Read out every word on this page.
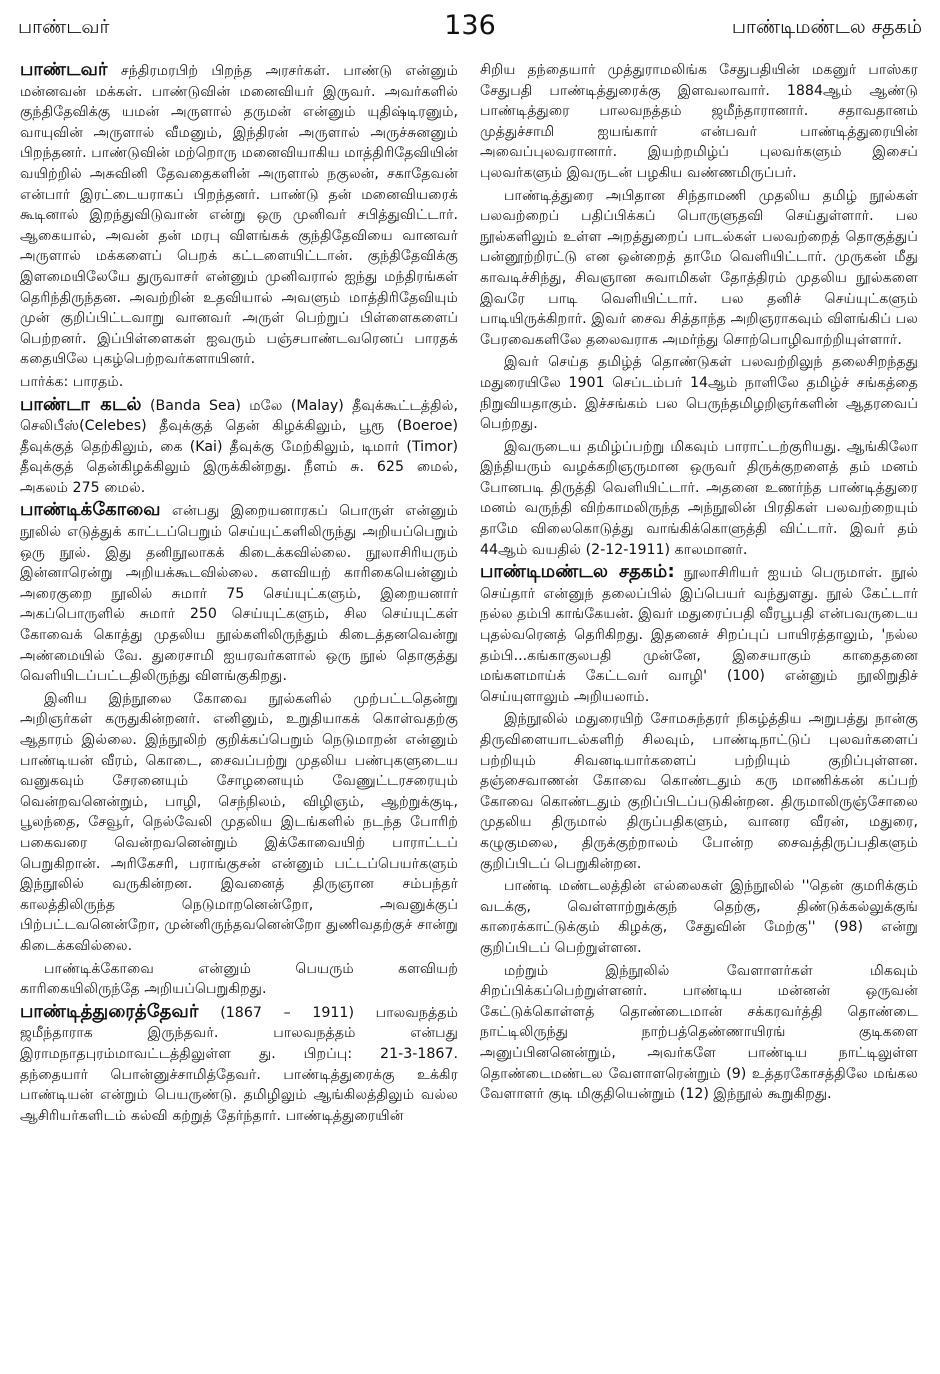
பாண்டவர்	136	பாண்டிமண்டல சதகம்

பாண்டவர் சந்திரமரபிற் பிறந்த அரசர்கள். பாண்டு என்னும் மன்னவன் மக்கள். பாண்டுவின் மனைவியர் இருவர். அவர்களில் குந்திதேவிக்கு யமன் அருளால் தருமன் என்னும் யுதிஷ்டிரனும், வாயுவின் அருளால் வீமனும், இந்திரன் அருளால் அருச்சுனனும் பிறந்தனர். பாண்டுவின் மற்றொரு மனைவியாகிய மாத்திரிதேவியின் வயிற்றில் அசுவினி தேவதைகளின் அருளால் நகுலன், சகாதேவன் என்பார் இரட்டையராகப் பிறந்தனர். பாண்டு தன் மனைவியரைக் கூடினால் இறந்துவிடுவான் என்று ஒரு முனிவர் சபித்துவிட்டார். ஆகையால், அவன் தன் மரபு விளங்கக் குந்திதேவியை வானவர் அருளால் மக்களைப் பெறக் கட்டளையிட்டான். குந்திதேவிக்கு இளமையிலேயே துருவாசர் என்னும் முனிவரால் ஐந்து மந்திரங்கள் தெரிந்திருந்தன. அவற்றின் உதவியால் அவளும் மாத்திரிதேவியும் முன் குறிப்பிட்டவாறு வானவர் அருள் பெற்றுப் பிள்ளைகளைப் பெற்றனர். இப்பிள்ளைகள் ஐவரும் பஞ்சபாண்டவரெனப் பாரதக் கதையிலே புகழ்பெற்றவர்களாயினர்.

பார்க்க: பாரதம்.

பாண்டா கடல் (Banda Sea) மலே (Malay) தீவுக்கூட்டத்தில், செலிபீஸ்(Celebes) தீவுக்குத் தென் கிழக்கிலும், பூரூ (Boeroe) தீவுக்குத் தெற்கிலும், கை (Kai) தீவுக்கு மேற்கிலும், டிமார் (Timor) தீவுக்குத் தென்கிழக்கிலும் இருக்கின்றது. நீளம் சு. 625 மைல், அகலம் 275 மைல்.

பாண்டிக்கோவை என்பது இறையனாரகப் பொருள் என்னும் நூலில் எடுத்துக் காட்டப்பெறும் செய்யுட்களிலிருந்து அறியப்பெறும் ஒரு நூல். இது தனிநூலாகக் கிடைக்கவில்லை. நூலாசிரியரும் இன்னாரென்று அறியக்கூடவில்லை. களவியற் காரிகையென்னும் அரைகுறை நூலில் சுமார் 75 செய்யுட்களும், இறையனார் அகப்பொருளில் சுமார் 250 செய்யுட்களும், சில செய்யுட்கள் கோவைக் கொத்து முதலிய நூல்களிலிருந்தும் கிடைத்தனவென்று அண்மையில் வே. துரைசாமி ஐயரவர்களால் ஒரு நூல் தொகுத்து வெளியிடப்பட்டதிலிருந்து விளங்குகிறது.

இனிய இந்நூலை கோவை நூல்களில் முற்பட்டதென்று அறிஞர்கள் கருதுகின்றனர். எனினும், உறுதியாகக் கொள்வதற்கு ஆதாரம் இல்லை. இந்நூலிற் குறிக்கப்பெறும் நெடுமாறன் என்னும் பாண்டியன் வீரம், கொடை, சைவப்பற்று முதலிய பண்புகளுடைய வனுகவும் சேரனையும் சோழனையும் வேணுட்டரசரையும் வென்றவனென்றும், பாழி, செந்நிலம், விழிஞம், ஆற்றுக்குடி, பூலந்தை, சேவூர், நெல்வேலி முதலிய இடங்களில் நடந்த போரிற் பகைவரை வென்றவனென்றும் இக்கோவையிற் பாராட்டப் பெறுகிறான். அரிகேசரி, பராங்குசன் என்னும் பட்டப்பெயர்களும் இந்நூலில் வருகின்றன. இவனைத் திருஞான சம்பந்தர் காலத்திலிருந்த நெடுமாறனென்றோ, அவனுக்குப் பிற்பட்டவனென்றோ, முன்னிருந்தவனென்றோ துணிவதற்குச் சான்று கிடைக்கவில்லை.

பாண்டிக்கோவை என்னும் பெயரும் களவியற் காரிகையிலிருந்தே அறியப்பெறுகிறது.

பாண்டித்துரைத்தேவர் (1867 – 1911) பாலவநத்தம் ஜமீந்தாராக இருந்தவர். பாலவநத்தம் என்பது இராமநாதபுரம்மாவட்டத்திலுள்ள து. பிறப்பு: 21-3-1867. தந்தையார் பொன்னுச்சாமித்தேவர். பாண்டித்துரைக்கு உக்கிர பாண்டியன் என்றும் பெயருண்டு. தமிழிலும் ஆங்கிலத்திலும் வல்ல ஆசிரியர்களிடம் கல்வி கற்றுத் தேர்ந்தார். பாண்டித்துரையின்

சிறிய தந்தையார் முத்துராமலிங்க சேதுபதியின் மகனுர் பாஸ்கர சேதுபதி பாண்டித்துரைக்கு இளவலாவார். 1884ஆம் ஆண்டு பாண்டித்துரை பாலவநத்தம் ஜமீந்தாரானார். சதாவதானம் முத்துச்சாமி ஐயங்கார் என்பவர் பாண்டித்துரையின் அவைப்புலவரானார். இயற்றமிழ்ப் புலவர்களும் இசைப் புலவர்களும் இவருடன் பழகிய வண்ணமிருப்பர்.

பாண்டித்துரை அபிதான சிந்தாமணி முதலிய தமிழ் நூல்கள் பலவற்றைப் பதிப்பிக்கப் பொருளுதவி செய்துள்ளார். பல நூல்களிலும் உள்ள அறத்துறைப் பாடல்கள் பலவற்றைத் தொகுத்துப் பன்னூற்றிரட்டு என ஒன்றைத் தாமே வெளியிட்டார். முருகன் மீது காவடிச்சிந்து, சிவஞான சுவாமிகள் தோத்திரம் முதலிய நூல்களை இவரே பாடி வெளியிட்டார். பல தனிச் செய்யுட்களும் பாடியிருக்கிறார். இவர் சைவ சித்தாந்த அறிஞராகவும் விளங்கிப் பல பேரவைகளிலே தலைவராக அமர்ந்து சொற்பொழிவாற்றியுள்ளார்.

இவர் செய்த தமிழ்த் தொண்டுகள் பலவற்றிலுந் தலைசிறந்தது மதுரையிலே 1901 செப்டம்பர் 14ஆம் நாளிலே தமிழ்ச் சங்கத்தை நிறுவியதாகும். இச்சங்கம் பல பெருந்தமிழறிஞர்களின் ஆதரவைப் பெற்றது.

இவருடைய தமிழ்ப்பற்று மிகவும் பாராட்டற்குரியது. ஆங்கிலோ இந்தியரும் வழக்கறிஞருமான ஒருவர் திருக்குறளைத் தம் மனம் போனபடி திருத்தி வெளியிட்டார். அதனை உணர்ந்த பாண்டித்துரை மனம் வருந்தி விற்காமலிருந்த அந்நூலின் பிரதிகள் பலவற்றையும் தாமே விலைகொடுத்து வாங்கிக்கொளுத்தி விட்டார். இவர் தம் 44ஆம் வயதில் (2-12-1911) காலமானர்.

பாண்டிமண்டல சதகம்: நூலாசிரியர் ஐயம் பெருமாள். நூல் செய்தார் என்னுந் தலைப்பில் இப்பெயர் வந்துளது. நூல் கேட்டார் நல்ல தம்பி காங்கேயன். இவர் மதுரைப்பதி வீரபூபதி என்பவருடைய புதல்வரெனத் தெரிகிறது. இதனைச் சிறப்புப் பாயிரத்தாலும், 'நல்ல தம்பி...கங்காகுலபதி முன்னே, இசையாகும் காதைதனை மங்களமாய்க் கேட்டவர் வாழி' (100) என்னும் நூலிறுதிச் செய்யுளாலும் அறியலாம்.

இந்நூலில் மதுரையிற் சோமசுந்தரர் நிகழ்த்திய அறுபத்து நான்கு திருவிளையாடல்களிற் சிலவும், பாண்டிநாட்டுப் புலவர்களைப் பற்றியும் சிவனடியார்களைப் பற்றியும் குறிப்புள்ளன. தஞ்சைவாணன் கோவை கொண்டதும் கரு மாணிக்கன் கப்பற் கோவை கொண்டதும் குறிப்பிடப்படுகின்றன. திருமாலிருஞ்சோலை முதலிய திருமால் திருப்பதிகளும், வானர வீரன், மதுரை, கழுகுமலை, திருக்குற்றாலம் போன்ற சைவத்திருப்பதிகளும் குறிப்பிடப் பெறுகின்றன.

பாண்டி மண்டலத்தின் எல்லைகள் இந்நூலில் ''தென் குமரிக்கும் வடக்கு, வெள்ளாற்றுக்குந் தெற்கு, திண்டுக்கல்லுக்குங் காரைக்காட்டுக்கும் கிழக்கு, சேதுவின் மேற்கு'' (98) என்று குறிப்பிடப் பெற்றுள்ளன.

மற்றும் இந்நூலில் வேளாளர்கள் மிகவும் சிறப்பிக்கப்பெற்றுள்ளனர். பாண்டிய மன்னன் ஒருவன் கேட்டுக்கொள்ளத் தொண்டைமான் சக்கரவர்த்தி தொண்டை நாட்டிலிருந்து நாற்பத்தெண்ணாயிரங் குடிகளை அனுப்பினனென்றும், அவர்களே பாண்டிய நாட்டிலுள்ள தொண்டைமண்டல வேளாளரென்றும் (9) உத்தரகோசத்திலே மங்கல வேளாளர் குடி மிகுதியென்றும் (12) இந்நூல் கூறுகிறது.
